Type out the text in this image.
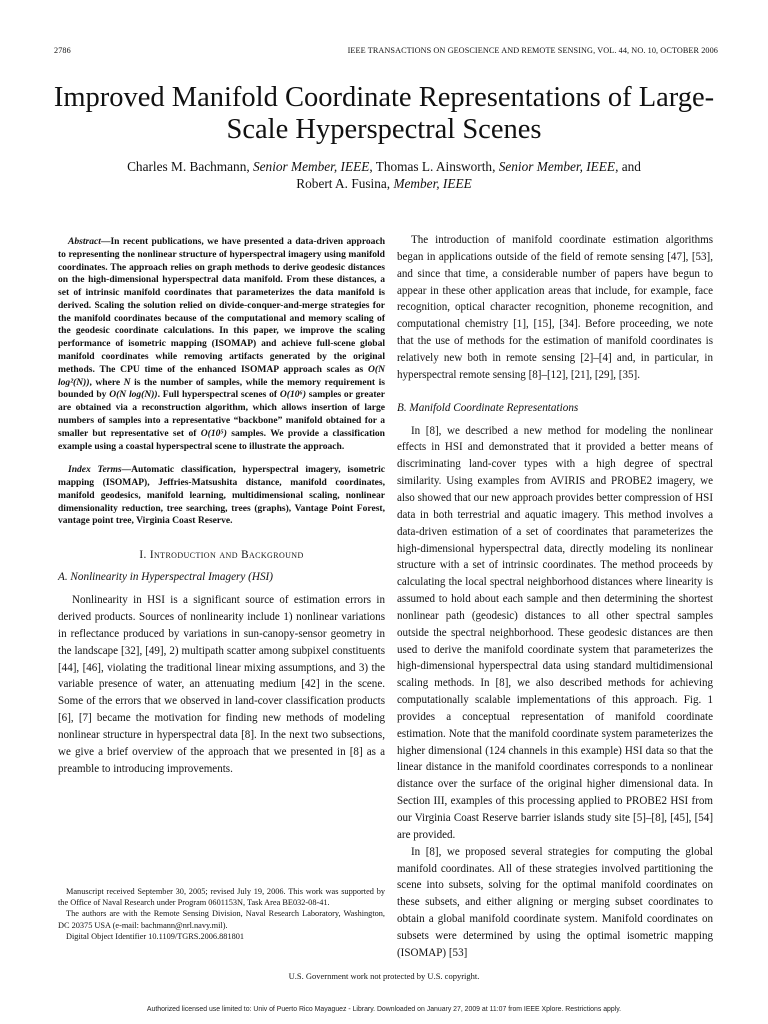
2786	IEEE TRANSACTIONS ON GEOSCIENCE AND REMOTE SENSING, VOL. 44, NO. 10, OCTOBER 2006
Improved Manifold Coordinate Representations of Large-Scale Hyperspectral Scenes
Charles M. Bachmann, Senior Member, IEEE, Thomas L. Ainsworth, Senior Member, IEEE, and
Robert A. Fusina, Member, IEEE

Abstract—In recent publications, we have presented a data-driven approach to representing the nonlinear structure of hyperspectral imagery using manifold coordinates. The approach relies on graph methods to derive geodesic distances on the high-dimensional hyperspectral data manifold. From these distances, a set of intrinsic manifold coordinates that parameterizes the data manifold is derived. Scaling the solution relied on divide-conquer-and-merge strategies for the manifold coordinates because of the computational and memory scaling of the geodesic coordinate calculations. In this paper, we improve the scaling performance of isometric mapping (ISOMAP) and achieve full-scene global manifold coordinates while removing artifacts generated by the original methods. The CPU time of the enhanced ISOMAP approach scales as O(N log²(N)), where N is the number of samples, while the memory requirement is bounded by O(N log(N)). Full hyperspectral scenes of O(10⁶) samples or greater are obtained via a reconstruction algorithm, which allows insertion of large numbers of samples into a representative “backbone” manifold obtained for a smaller but representative set of O(10⁵) samples. We provide a classification example using a coastal hyperspectral scene to illustrate the approach.

Index Terms—Automatic classification, hyperspectral imagery, isometric mapping (ISOMAP), Jeffries-Matsushita distance, manifold coordinates, manifold geodesics, manifold learning, multidimensional scaling, nonlinear dimensionality reduction, tree searching, trees (graphs), Vantage Point Forest, vantage point tree, Virginia Coast Reserve.

I. Introduction and Background
A. Nonlinearity in Hyperspectral Imagery (HSI)

Nonlinearity in HSI is a significant source of estimation errors in derived products. Sources of nonlinearity include 1) nonlinear variations in reflectance produced by variations in sun-canopy-sensor geometry in the landscape [32], [49], 2) multipath scatter among subpixel constituents [44], [46], violating the traditional linear mixing assumptions, and 3) the variable presence of water, an attenuating medium [42] in the scene. Some of the errors that we observed in land-cover classification products [6], [7] became the motivation for finding new methods of modeling nonlinear structure in hyperspectral data [8]. In the next two subsections, we give a brief overview of the approach that we presented in [8] as a preamble to introducing improvements.

Manuscript received September 30, 2005; revised July 19, 2006. This work was supported by the Office of Naval Research under Program 0601153N, Task Area BE032-08-41.

The authors are with the Remote Sensing Division, Naval Research Laboratory, Washington, DC 20375 USA (e-mail: bachmann@nrl.navy.mil).

Digital Object Identifier 10.1109/TGRS.2006.881801

The introduction of manifold coordinate estimation algorithms began in applications outside of the field of remote sensing [47], [53], and since that time, a considerable number of papers have begun to appear in these other application areas that include, for example, face recognition, optical character recognition, phoneme recognition, and computational chemistry [1], [15], [34]. Before proceeding, we note that the use of methods for the estimation of manifold coordinates is relatively new both in remote sensing [2]–[4] and, in particular, in hyperspectral remote sensing [8]–[12], [21], [29], [35].

B. Manifold Coordinate Representations

In [8], we described a new method for modeling the nonlinear effects in HSI and demonstrated that it provided a better means of discriminating land-cover types with a high degree of spectral similarity. Using examples from AVIRIS and PROBE2 imagery, we also showed that our new approach provides better compression of HSI data in both terrestrial and aquatic imagery. This method involves a data-driven estimation of a set of coordinates that parameterizes the high-dimensional hyperspectral data, directly modeling its nonlinear structure with a set of intrinsic coordinates. The method proceeds by calculating the local spectral neighborhood distances where linearity is assumed to hold about each sample and then determining the shortest nonlinear path (geodesic) distances to all other spectral samples outside the spectral neighborhood. These geodesic distances are then used to derive the manifold coordinate system that parameterizes the high-dimensional hyperspectral data using standard multidimensional scaling methods. In [8], we also described methods for achieving computationally scalable implementations of this approach. Fig. 1 provides a conceptual representation of manifold coordinate estimation. Note that the manifold coordinate system parameterizes the higher dimensional (124 channels in this example) HSI data so that the linear distance in the manifold coordinates corresponds to a nonlinear distance over the surface of the original higher dimensional data. In Section III, examples of this processing applied to PROBE2 HSI from our Virginia Coast Reserve barrier islands study site [5]–[8], [45], [54] are provided.

In [8], we proposed several strategies for computing the global manifold coordinates. All of these strategies involved partitioning the scene into subsets, solving for the optimal manifold coordinates on these subsets, and either aligning or merging subset coordinates to obtain a global manifold coordinate system. Manifold coordinates on subsets were determined by using the optimal isometric mapping (ISOMAP) [53]

U.S. Government work not protected by U.S. copyright.
Authorized licensed use limited to: Univ of Puerto Rico Mayaguez - Library. Downloaded on January 27, 2009 at 11:07 from IEEE Xplore. Restrictions apply.
